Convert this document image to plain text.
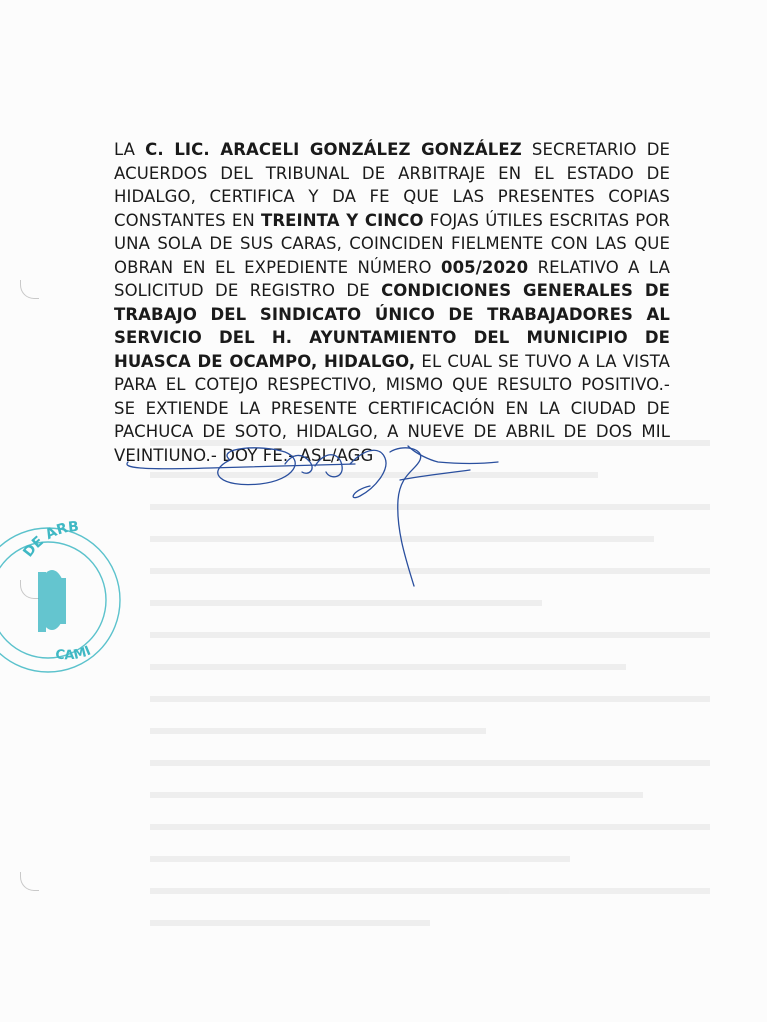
LA C. LIC. ARACELI GONZÁLEZ GONZÁLEZ SECRETARIO DE ACUERDOS DEL TRIBUNAL DE ARBITRAJE EN EL ESTADO DE HIDALGO, CERTIFICA Y DA FE QUE LAS PRESENTES COPIAS CONSTANTES EN TREINTA Y CINCO FOJAS ÚTILES ESCRITAS POR UNA SOLA DE SUS CARAS, COINCIDEN FIELMENTE CON LAS QUE OBRAN EN EL EXPEDIENTE NÚMERO 005/2020 RELATIVO A LA SOLICITUD DE REGISTRO DE CONDICIONES GENERALES DE TRABAJO DEL SINDICATO ÚNICO DE TRABAJADORES AL SERVICIO DEL H. AYUNTAMIENTO DEL MUNICIPIO DE HUASCA DE OCAMPO, HIDALGO, EL CUAL SE TUVO A LA VISTA PARA EL COTEJO RESPECTIVO, MISMO QUE RESULTO POSITIVO.- SE EXTIENDE LA PRESENTE CERTIFICACIÓN EN LA CIUDAD DE PACHUCA DE SOTO, HIDALGO, A NUEVE DE ABRIL DE DOS MIL VEINTIUNO.- DOY FE.- ASL/AGG

DE ARB
CAMI
